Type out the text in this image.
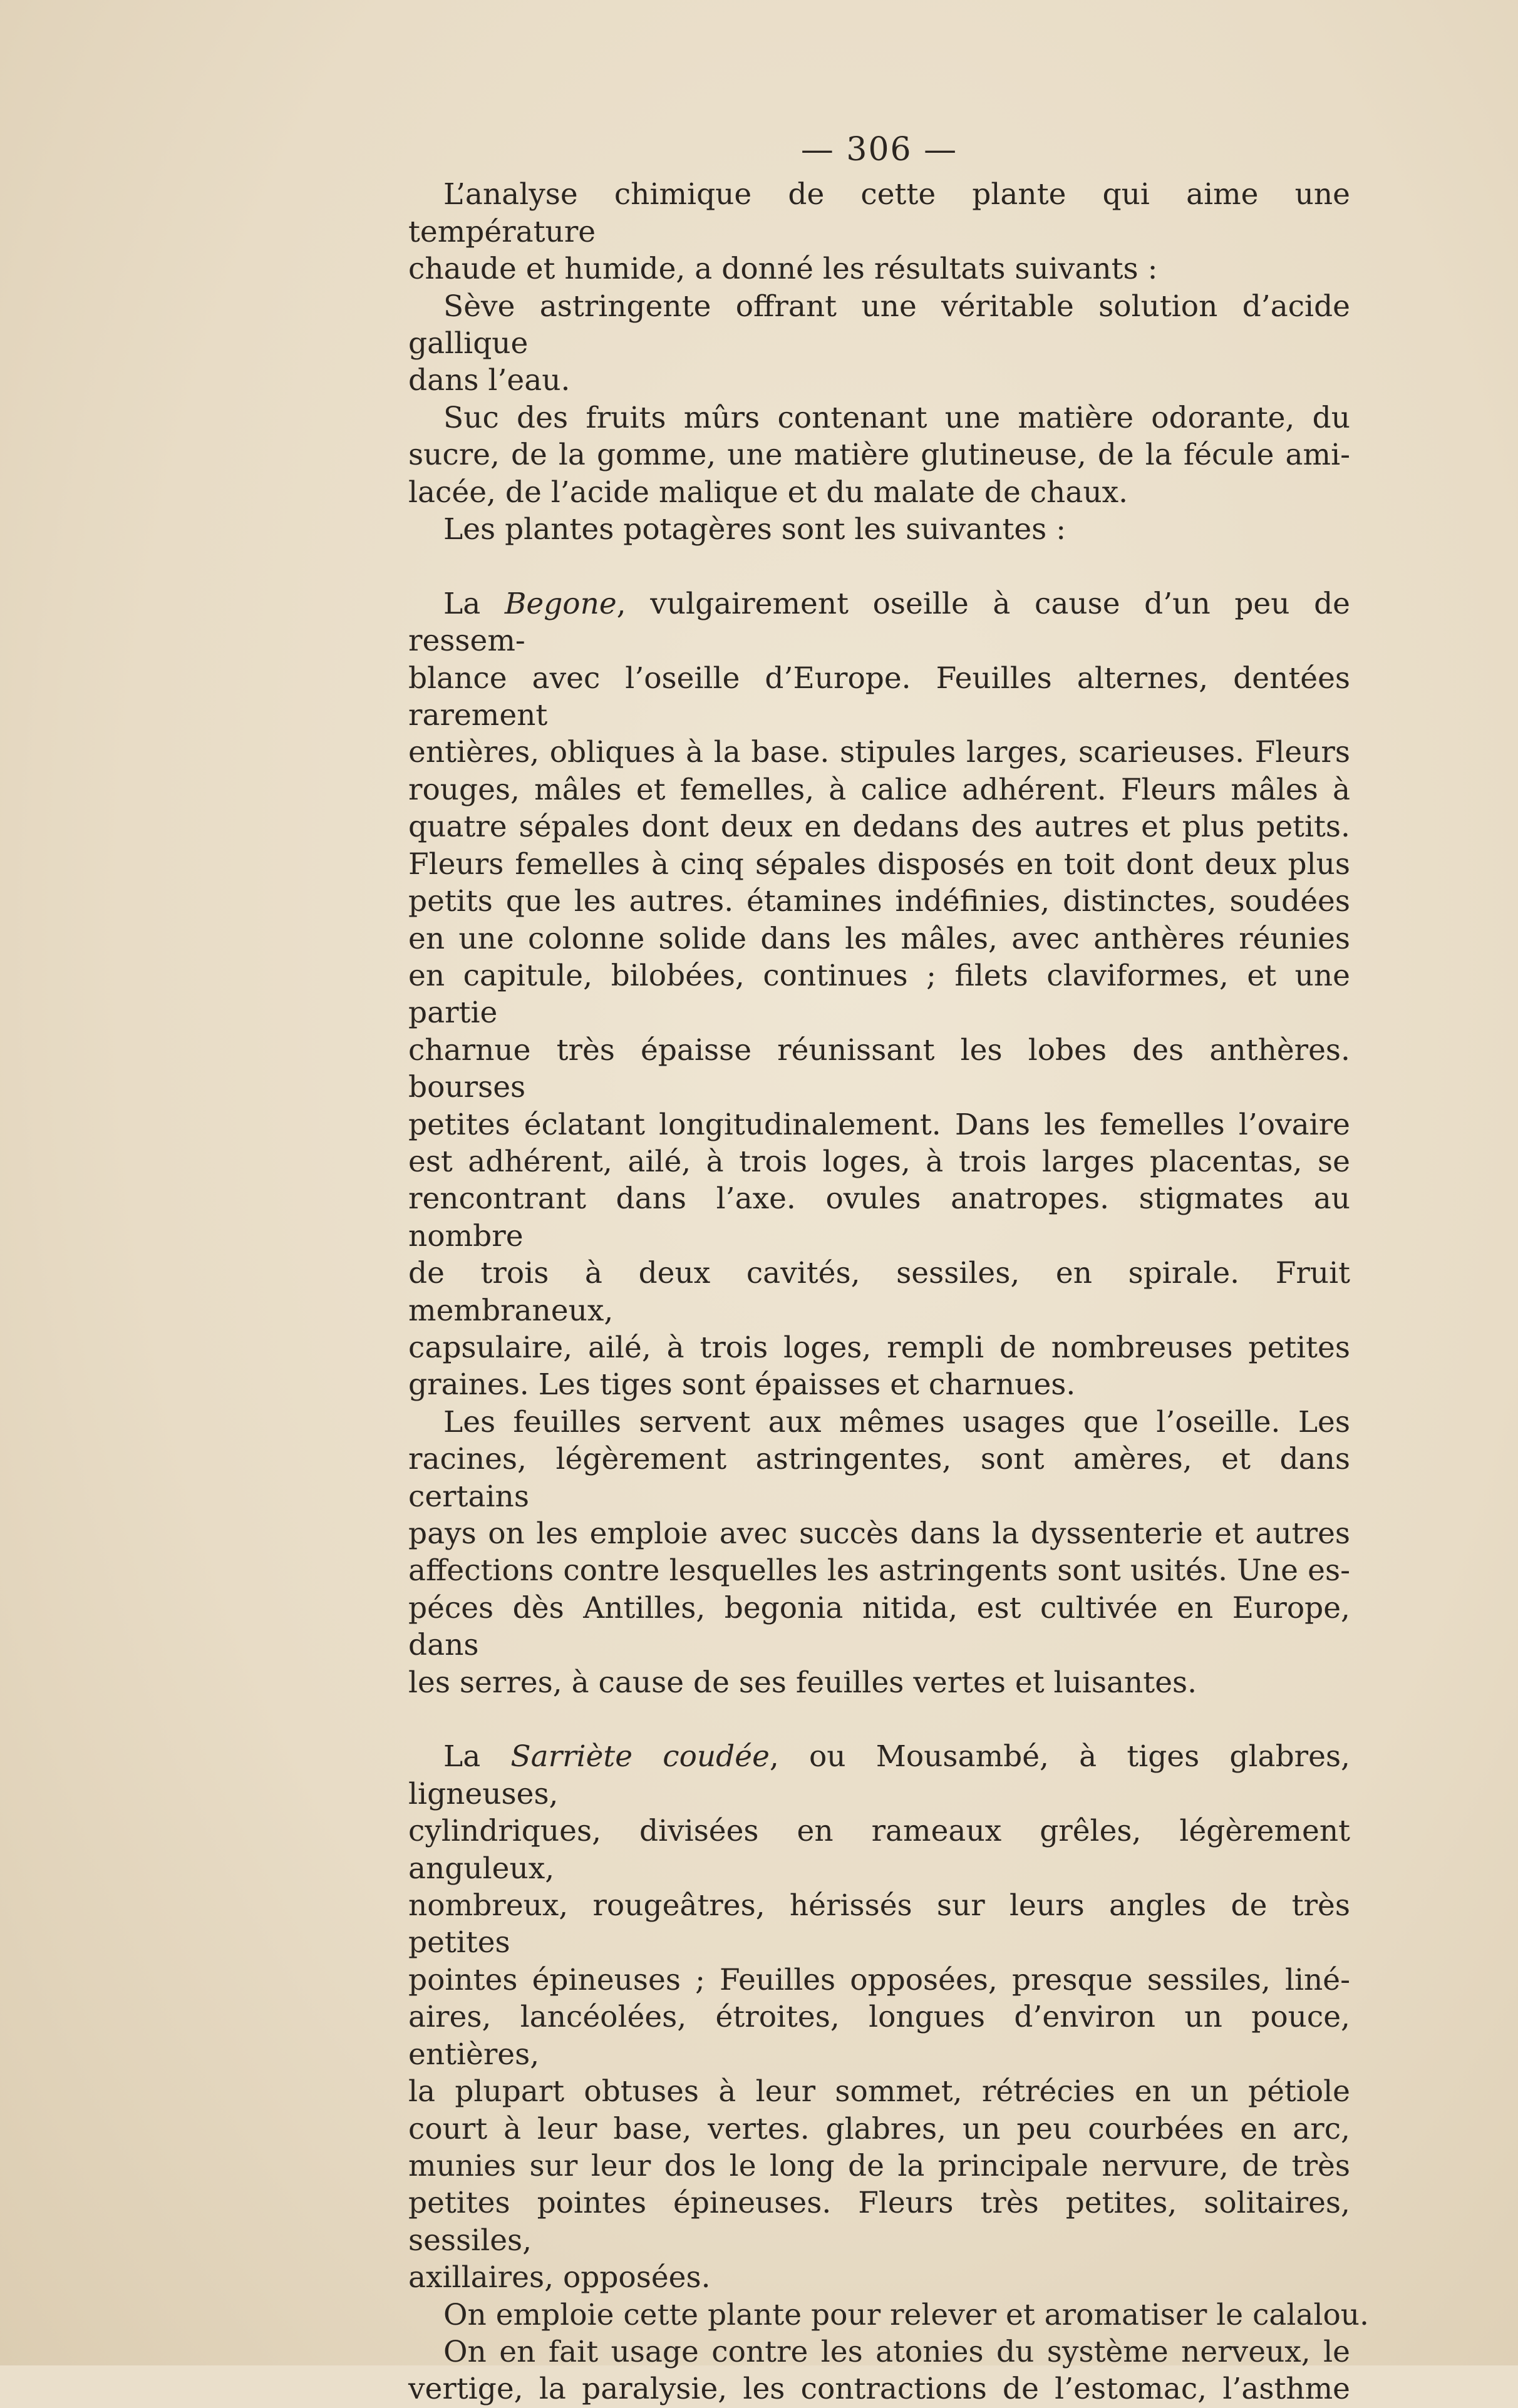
— 306 —
L’analyse chimique de cette plante qui aime une température
chaude et humide, a donné les résultats suivants :
Sève astringente offrant une véritable solution d’acide gallique
dans l’eau.
Suc des fruits mûrs contenant une matière odorante, du
sucre, de la gomme, une matière glutineuse, de la fécule ami-
lacée, de l’acide malique et du malate de chaux.
Les plantes potagères sont les suivantes :
La Begone, vulgairement oseille à cause d’un peu de ressem-
blance avec l’oseille d’Europe. Feuilles alternes, dentées rarement
entières, obliques à la base. stipules larges, scarieuses. Fleurs
rouges, mâles et femelles, à calice adhérent. Fleurs mâles à
quatre sépales dont deux en dedans des autres et plus petits.
Fleurs femelles à cinq sépales disposés en toit dont deux plus
petits que les autres. étamines indéfinies, distinctes, soudées
en une colonne solide dans les mâles, avec anthères réunies
en capitule, bilobées, continues ; filets claviformes, et une partie
charnue très épaisse réunissant les lobes des anthères. bourses
petites éclatant longitudinalement. Dans les femelles l’ovaire
est adhérent, ailé, à trois loges, à trois larges placentas, se
rencontrant dans l’axe. ovules anatropes. stigmates au nombre
de trois à deux cavités, sessiles, en spirale. Fruit membraneux,
capsulaire, ailé, à trois loges, rempli de nombreuses petites
graines. Les tiges sont épaisses et charnues.
Les feuilles servent aux mêmes usages que l’oseille. Les
racines, légèrement astringentes, sont amères, et dans certains
pays on les emploie avec succès dans la dyssenterie et autres
affections contre lesquelles les astringents sont usités. Une es-
péces dès Antilles, begonia nitida, est cultivée en Europe, dans
les serres, à cause de ses feuilles vertes et luisantes.
La Sarriète coudée, ou Mousambé, à tiges glabres, ligneuses,
cylindriques, divisées en rameaux grêles, légèrement anguleux,
nombreux, rougeâtres, hérissés sur leurs angles de très petites
pointes épineuses ; Feuilles opposées, presque sessiles, liné-
aires, lancéolées, étroites, longues d’environ un pouce, entières,
la plupart obtuses à leur sommet, rétrécies en un pétiole
court à leur base, vertes. glabres, un peu courbées en arc,
munies sur leur dos le long de la principale nervure, de très
petites pointes épineuses. Fleurs très petites, solitaires, sessiles,
axillaires, opposées.
On emploie cette plante pour relever et aromatiser le calalou.
On en fait usage contre les atonies du système nerveux, le
vertige, la paralysie, les contractions de l’estomac, l’asthme
